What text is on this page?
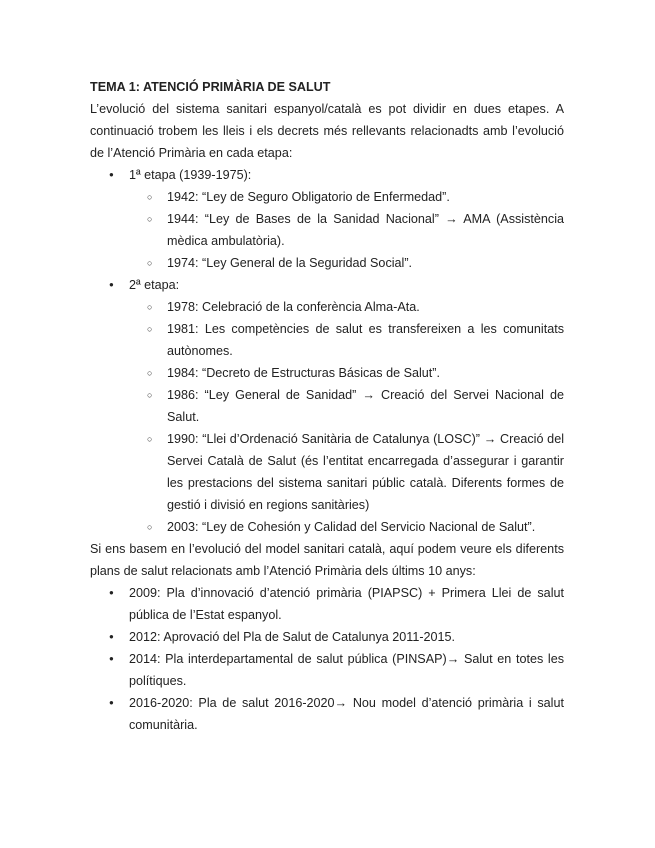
TEMA 1: ATENCIÓ PRIMÀRIA DE SALUT

L’evolució del sistema sanitari espanyol/català es pot dividir en dues etapes. A continuació trobem les lleis i els decrets més rellevants relacionadts amb l’evolució de l’Atenció Primària en cada etapa:

● 1ª etapa (1939-1975):
○ 1942: “Ley de Seguro Obligatorio de Enfermedad”.
○ 1944: “Ley de Bases de la Sanidad Nacional” → AMA (Assistència mèdica ambulatòria).
○ 1974: “Ley General de la Seguridad Social”.
● 2ª etapa:
○ 1978: Celebració de la conferència Alma-Ata.
○ 1981: Les competències de salut es transfereixen a les comunitats autònomes.
○ 1984: “Decreto de Estructuras Básicas de Salut”.
○ 1986: “Ley General de Sanidad” → Creació del Servei Nacional de Salut.
○ 1990: “Llei d’Ordenació Sanitària de Catalunya (LOSC)” → Creació del Servei Català de Salut (és l’entitat encarregada d’assegurar i garantir les prestacions del sistema sanitari públic català. Diferents formes de gestió i divisió en regions sanitàries)
○ 2003: “Ley de Cohesión y Calidad del Servicio Nacional de Salut”.

Si ens basem en l’evolució del model sanitari català, aquí podem veure els diferents plans de salut relacionats amb l’Atenció Primària dels últims 10 anys:

● 2009: Pla d’innovació d’atenció primària (PIAPSC) + Primera Llei de salut pública de l’Estat espanyol.
● 2012: Aprovació del Pla de Salut de Catalunya 2011-2015.
● 2014: Pla interdepartamental de salut pública (PINSAP)→ Salut en totes les polítiques.
● 2016-2020: Pla de salut 2016-2020→ Nou model d’atenció primària i salut comunitària.
